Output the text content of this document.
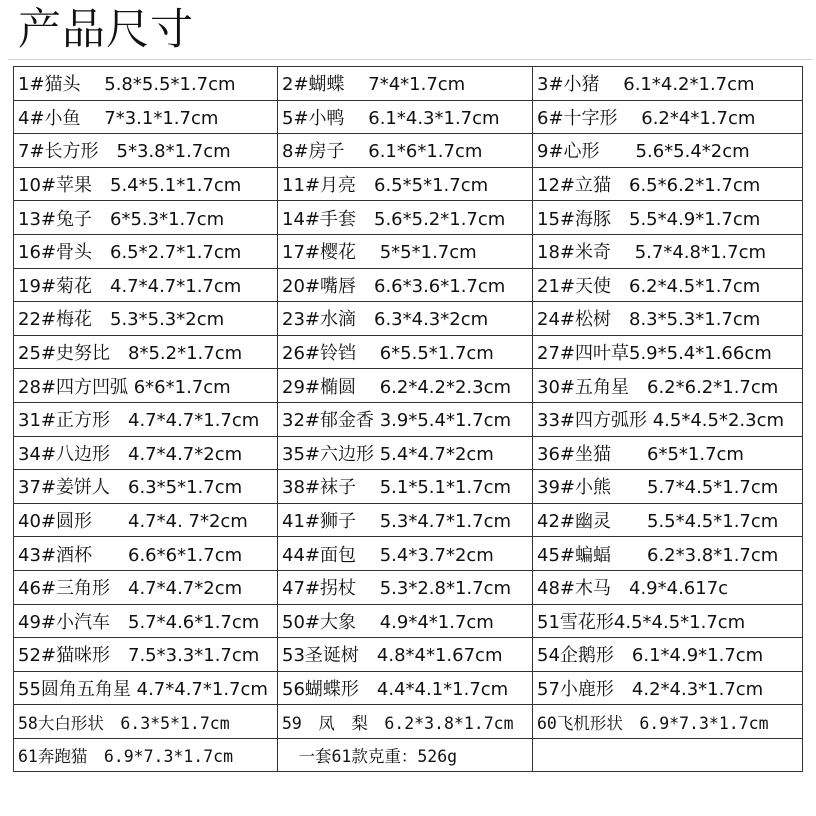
产品尺寸
1#猫头　 5.8*5.5*1.7cm	2#蝴蝶　 7*4*1.7cm	3#小猪　 6.1*4.2*1.7cm
4#小鱼　 7*3.1*1.7cm	5#小鸭　 6.1*4.3*1.7cm	6#十字形　 6.2*4*1.7cm
7#长方形　5*3.8*1.7cm	8#房子　 6.1*6*1.7cm	9#心形　　5.6*5.4*2cm
10#苹果　5.4*5.1*1.7cm	11#月亮　6.5*5*1.7cm	12#立猫　6.5*6.2*1.7cm
13#兔子　6*5.3*1.7cm	14#手套　5.6*5.2*1.7cm	15#海豚　5.5*4.9*1.7cm
16#骨头　6.5*2.7*1.7cm	17#樱花　 5*5*1.7cm	18#米奇　 5.7*4.8*1.7cm
19#菊花　4.7*4.7*1.7cm	20#嘴唇　6.6*3.6*1.7cm	21#天使　6.2*4.5*1.7cm
22#梅花　5.3*5.3*2cm	23#水滴　6.3*4.3*2cm	24#松树　8.3*5.3*1.7cm
25#史努比　8*5.2*1.7cm	26#铃铛　 6*5.5*1.7cm	27#四叶草5.9*5.4*1.66cm
28#四方凹弧 6*6*1.7cm	29#椭圆　 6.2*4.2*2.3cm	30#五角星　6.2*6.2*1.7cm
31#正方形　4.7*4.7*1.7cm	32#郁金香 3.9*5.4*1.7cm	33#四方弧形 4.5*4.5*2.3cm
34#八边形　4.7*4.7*2cm	35#六边形 5.4*4.7*2cm	36#坐猫　　6*5*1.7cm
37#姜饼人　6.3*5*1.7cm	38#袜子　 5.1*5.1*1.7cm	39#小熊　　5.7*4.5*1.7cm
40#圆形　　4.7*4. 7*2cm	41#狮子　 5.3*4.7*1.7cm	42#幽灵　　5.5*4.5*1.7cm
43#酒杯　　6.6*6*1.7cm	44#面包　 5.4*3.7*2cm	45#蝙蝠　　6.2*3.8*1.7cm
46#三角形　4.7*4.7*2cm	47#拐杖　 5.3*2.8*1.7cm	48#木马　4.9*4.617c
49#小汽车　5.7*4.6*1.7cm	50#大象　 4.9*4*1.7cm	51雪花形4.5*4.5*1.7cm
52#猫咪形　7.5*3.3*1.7cm	53圣诞树　4.8*4*1.67cm	54企鹅形　6.1*4.9*1.7cm
55圆角五角星 4.7*4.7*1.7cm	56蝴蝶形　4.4*4.1*1.7cm	57小鹿形　4.2*4.3*1.7cm
58大白形状　6.3*5*1.7cm	59　凤　梨　6.2*3.8*1.7cm	60飞机形状　6.9*7.3*1.7cm
61奔跑猫　6.9*7.3*1.7cm	　一套61款克重：526g	
